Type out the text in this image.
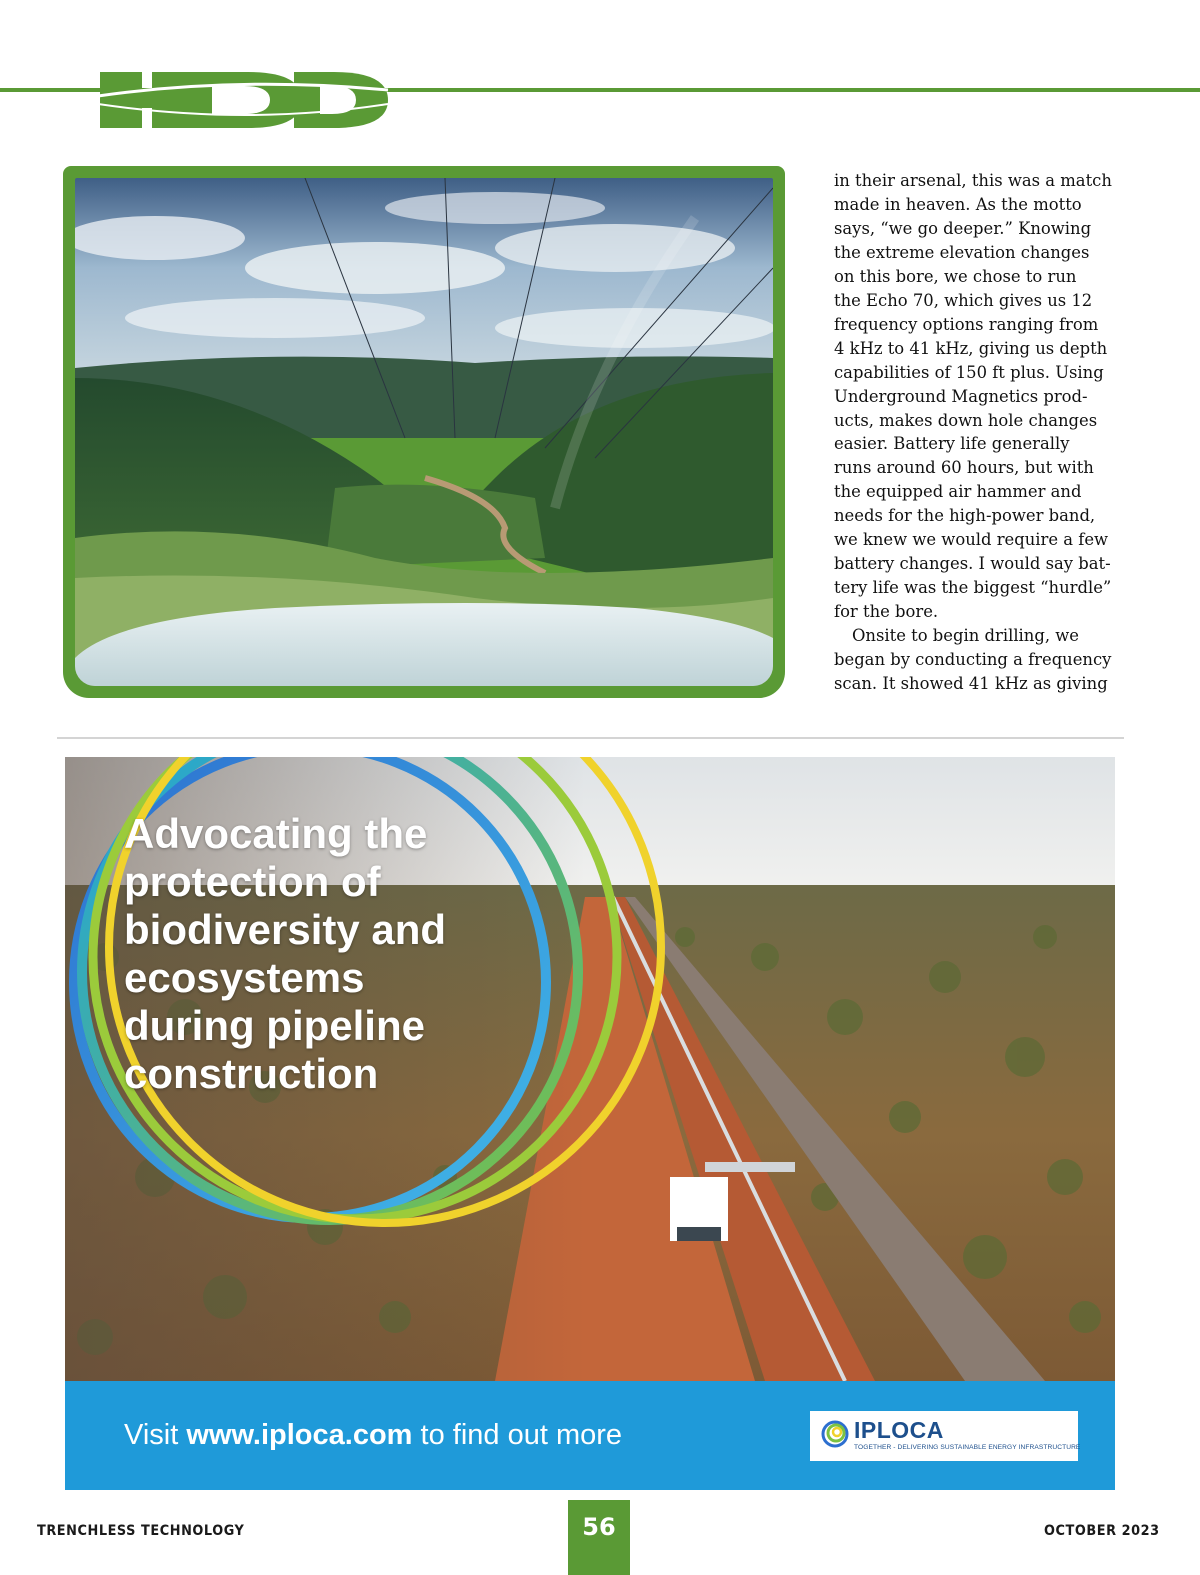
in their arsenal, this was a match
made in heaven. As the motto
says, “we go deeper.” Knowing
the extreme elevation changes
on this bore, we chose to run
the Echo 70, which gives us 12
frequency options ranging from
4 kHz to 41 kHz, giving us depth
capabilities of 150 ft plus. Using
Underground Magnetics prod-
ucts, makes down hole changes
easier. Battery life generally
runs around 60 hours, but with
the equipped air hammer and
needs for the high-power band,
we knew we would require a few
battery changes. I would say bat-
tery life was the biggest “hurdle”
for the bore.
Onsite to begin drilling, we
began by conducting a frequency
scan. It showed 41 kHz as giving
Advocating the
protection of
biodiversity and
ecosystems
during pipeline
construction
Visit www.iploca.com to find out more	IPLOCA
TOGETHER - DELIVERING SUSTAINABLE ENERGY INFRASTRUCTURE
TRENCHLESS TECHNOLOGY	56	OCTOBER 2023
